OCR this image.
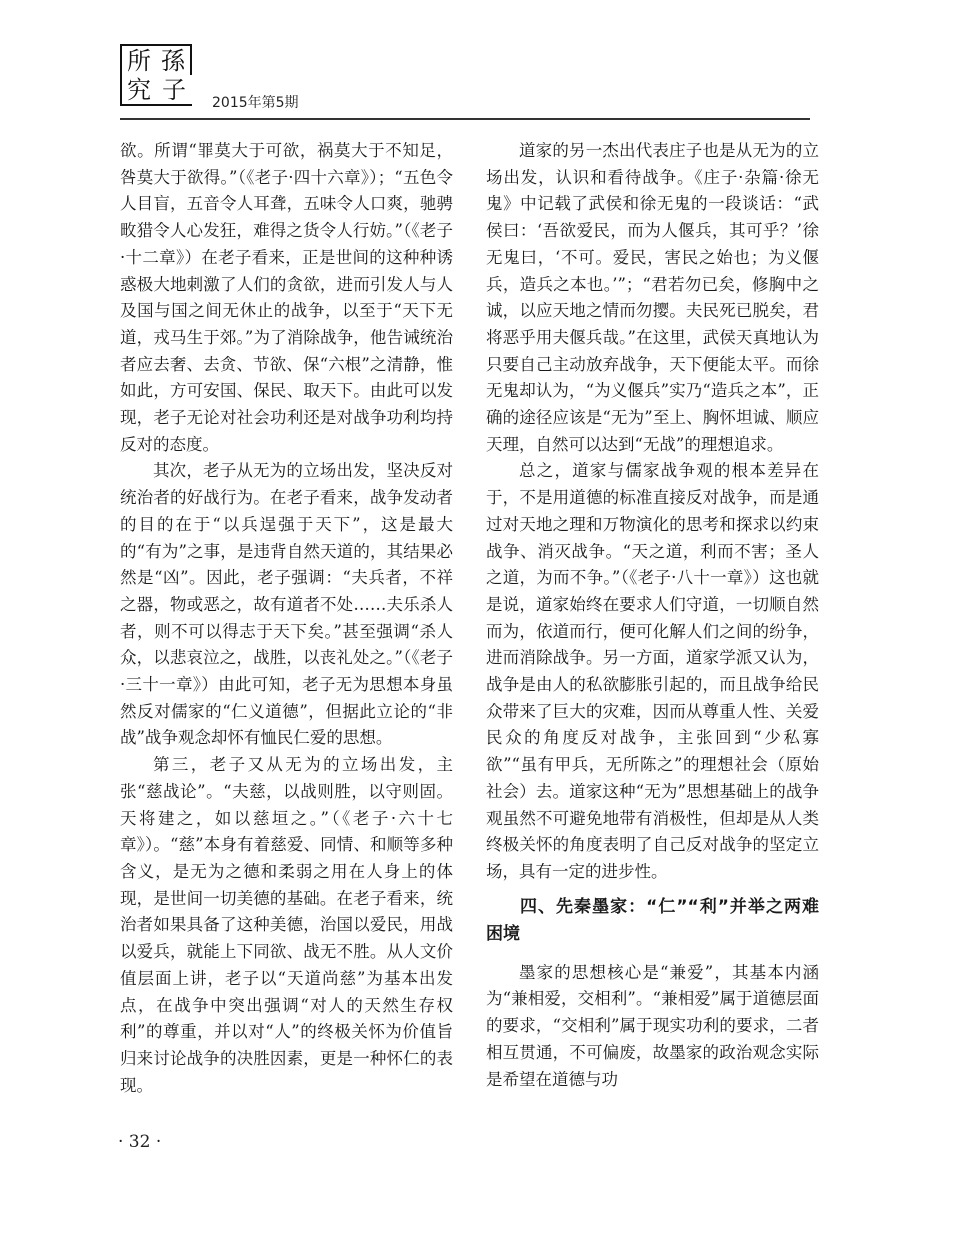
所 孫
究 子	2015年第5期

欲。所谓“罪莫大于可欲，祸莫大于不知足，咎莫大于欲得。”（《老子·四十六章》）；“五色令人目盲，五音令人耳聋，五味令人口爽，驰骋畋猎令人心发狂，难得之货令人行妨。”（《老子·十二章》）在老子看来，正是世间的这种种诱惑极大地刺激了人们的贪欲，进而引发人与人及国与国之间无休止的战争，以至于“天下无道，戎马生于郊。”为了消除战争，他告诫统治者应去奢、去贪、节欲、保“六根”之清静，惟如此，方可安国、保民、取天下。由此可以发现，老子无论对社会功利还是对战争功利均持反对的态度。

其次，老子从无为的立场出发，坚决反对统治者的好战行为。在老子看来，战争发动者的目的在于“以兵逞强于天下”，这是最大的“有为”之事，是违背自然天道的，其结果必然是“凶”。因此，老子强调：“夫兵者，不祥之器，物或恶之，故有道者不处……夫乐杀人者，则不可以得志于天下矣。”甚至强调“杀人众，以悲哀泣之，战胜，以丧礼处之。”（《老子·三十一章》）由此可知，老子无为思想本身虽然反对儒家的“仁义道德”，但据此立论的“非战”战争观念却怀有恤民仁爱的思想。

第三，老子又从无为的立场出发，主张“慈战论”。“夫慈，以战则胜，以守则固。天将建之，如以慈垣之。”（《老子·六十七章》）。“慈”本身有着慈爱、同情、和顺等多种含义，是无为之德和柔弱之用在人身上的体现，是世间一切美德的基础。在老子看来，统治者如果具备了这种美德，治国以爱民，用战以爱兵，就能上下同欲、战无不胜。从人文价值层面上讲，老子以“天道尚慈”为基本出发点，在战争中突出强调“对人的天然生存权利”的尊重，并以对“人”的终极关怀为价值旨归来讨论战争的决胜因素，更是一种怀仁的表现。

道家的另一杰出代表庄子也是从无为的立场出发，认识和看待战争。《庄子·杂篇·徐无鬼》中记载了武侯和徐无鬼的一段谈话：“武侯曰：‘吾欲爱民，而为人偃兵，其可乎？’徐无鬼曰，‘不可。爱民，害民之始也；为义偃兵，造兵之本也。’”；“君若勿已矣，修胸中之诚，以应天地之情而勿撄。夫民死已脱矣，君将恶乎用夫偃兵哉。”在这里，武侯天真地认为只要自己主动放弃战争，天下便能太平。而徐无鬼却认为，“为义偃兵”实乃“造兵之本”，正确的途径应该是“无为”至上、胸怀坦诚、顺应天理，自然可以达到“无战”的理想追求。

总之，道家与儒家战争观的根本差异在于，不是用道德的标准直接反对战争，而是通过对天地之理和万物演化的思考和探求以约束战争、消灭战争。“天之道，利而不害；圣人之道，为而不争。”（《老子·八十一章》）这也就是说，道家始终在要求人们守道，一切顺自然而为，依道而行，便可化解人们之间的纷争，进而消除战争。另一方面，道家学派又认为，战争是由人的私欲膨胀引起的，而且战争给民众带来了巨大的灾难，因而从尊重人性、关爱民众的角度反对战争，主张回到“少私寡欲”“虽有甲兵，无所陈之”的理想社会（原始社会）去。道家这种“无为”思想基础上的战争观虽然不可避免地带有消极性，但却是从人类终极关怀的角度表明了自己反对战争的坚定立场，具有一定的进步性。

四、先秦墨家：“仁”“利”并举之两难困境

墨家的思想核心是“兼爱”，其基本内涵为“兼相爱，交相利”。“兼相爱”属于道德层面的要求，“交相利”属于现实功利的要求，二者相互贯通，不可偏废，故墨家的政治观念实际是希望在道德与功

· 32 ·
